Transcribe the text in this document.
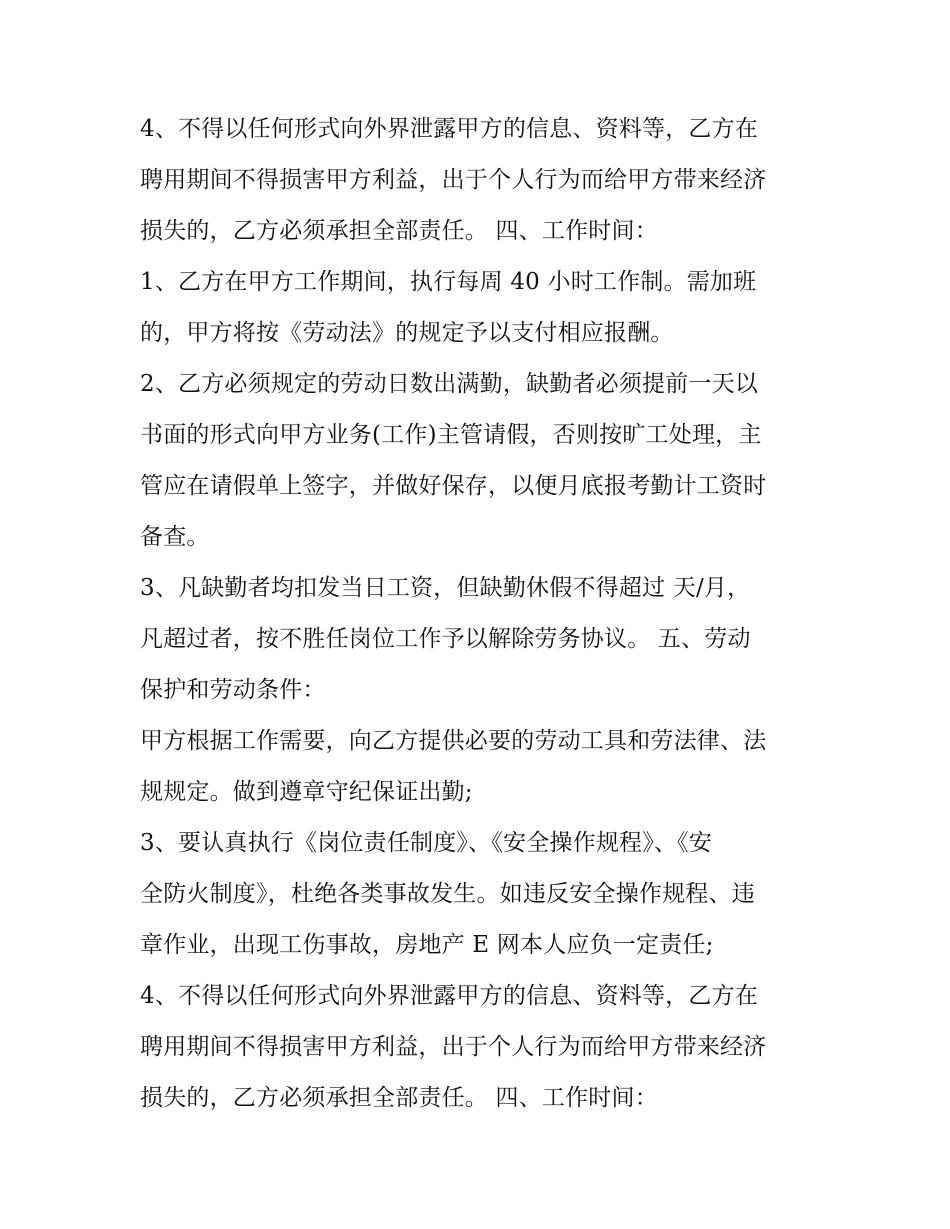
4、不得以任何形式向外界泄露甲方的信息、资料等，乙方在
聘用期间不得损害甲方利益，出于个人行为而给甲方带来经济
损失的，乙方必须承担全部责任。 四、工作时间：
1、乙方在甲方工作期间，执行每周 40 小时工作制。需加班
的，甲方将按《劳动法》的规定予以支付相应报酬。
2、乙方必须规定的劳动日数出满勤，缺勤者必须提前一天以
书面的形式向甲方业务(工作)主管请假，否则按旷工处理，主
管应在请假单上签字，并做好保存，以便月底报考勤计工资时
备查。
3、凡缺勤者均扣发当日工资，但缺勤休假不得超过 天/月，
凡超过者，按不胜任岗位工作予以解除劳务协议。 五、劳动
保护和劳动条件：
甲方根据工作需要，向乙方提供必要的劳动工具和劳法律、法
规规定。做到遵章守纪保证出勤;
3、要认真执行《岗位责任制度》、《安全操作规程》、《安
全防火制度》，杜绝各类事故发生。如违反安全操作规程、违
章作业，出现工伤事故，房地产 E 网本人应负一定责任;
4、不得以任何形式向外界泄露甲方的信息、资料等，乙方在
聘用期间不得损害甲方利益，出于个人行为而给甲方带来经济
损失的，乙方必须承担全部责任。 四、工作时间：
